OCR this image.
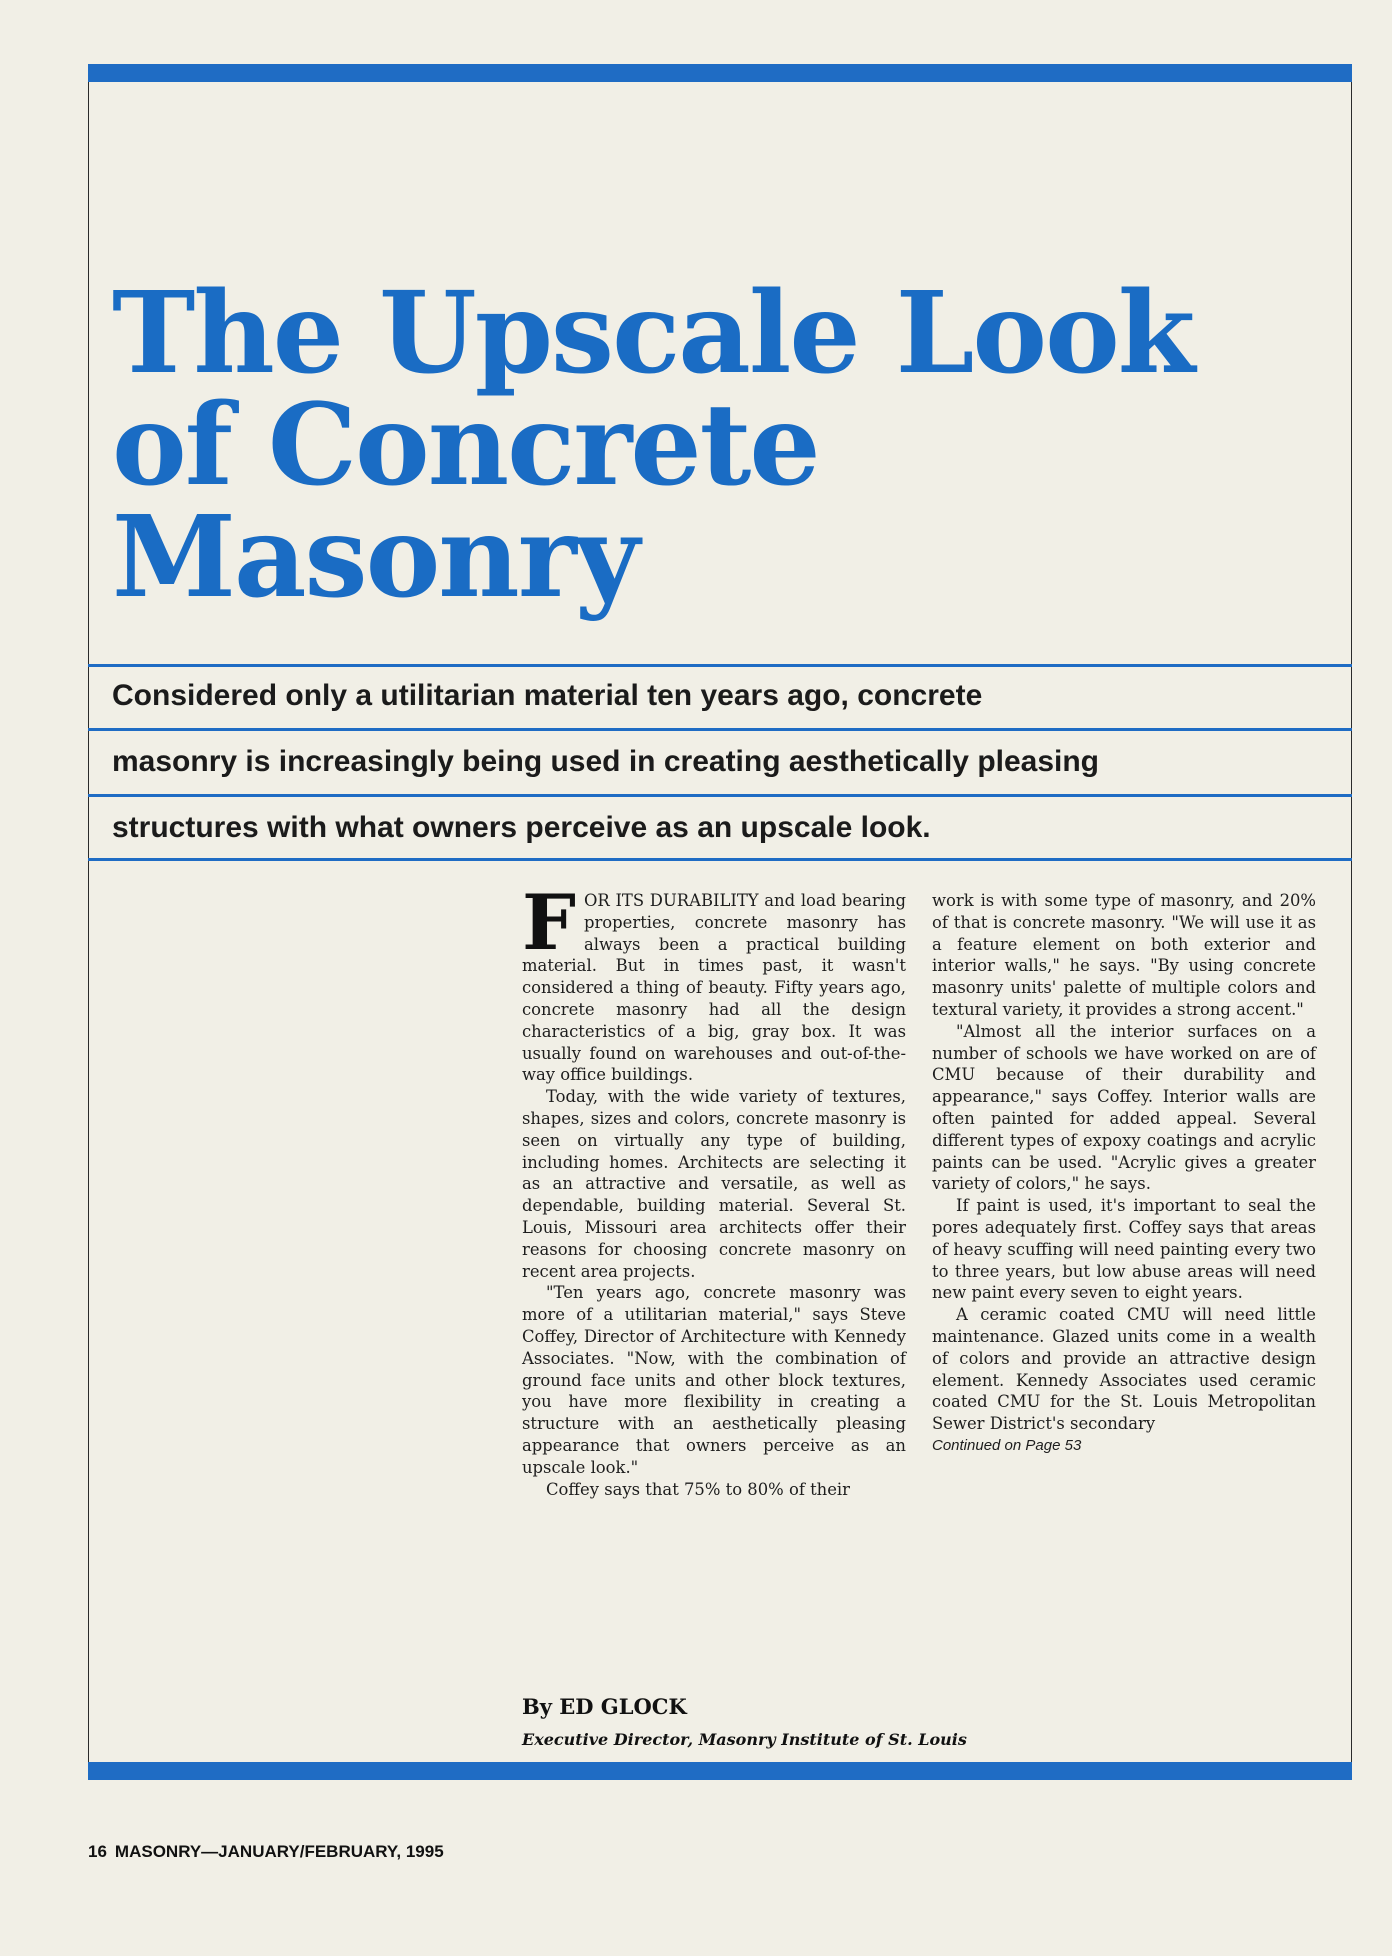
The Upscale Look
of Concrete
Masonry

Considered only a utilitarian material ten years ago, concrete

masonry is increasingly being used in creating aesthetically pleasing

structures with what owners perceive as an upscale look.

FOR ITS DURABILITY and load bearing properties, concrete masonry has always been a practical building material. But in times past, it wasn't considered a thing of beauty. Fifty years ago, concrete masonry had all the design characteristics of a big, gray box. It was usually found on warehouses and out-of-the-way office buildings.

Today, with the wide variety of textures, shapes, sizes and colors, concrete masonry is seen on virtually any type of building, including homes. Architects are selecting it as an attractive and versatile, as well as dependable, building material. Several St. Louis, Missouri area architects offer their reasons for choosing concrete masonry on recent area projects.

"Ten years ago, concrete masonry was more of a utilitarian material," says Steve Coffey, Director of Architecture with Kennedy Associates. "Now, with the combination of ground face units and other block textures, you have more flexibility in creating a structure with an aesthetically pleasing appearance that owners perceive as an upscale look."

Coffey says that 75% to 80% of their

work is with some type of masonry, and 20% of that is concrete masonry. "We will use it as a feature element on both exterior and interior walls," he says. "By using concrete masonry units' palette of multiple colors and textural variety, it provides a strong accent."

"Almost all the interior surfaces on a number of schools we have worked on are of CMU because of their durability and appearance," says Coffey. Interior walls are often painted for added appeal. Several different types of expoxy coatings and acrylic paints can be used. "Acrylic gives a greater variety of colors," he says.

If paint is used, it's important to seal the pores adequately first. Coffey says that areas of heavy scuffing will need painting every two to three years, but low abuse areas will need new paint every seven to eight years.

A ceramic coated CMU will need little maintenance. Glazed units come in a wealth of colors and provide an attractive design element. Kennedy Associates used ceramic coated CMU for the St. Louis Metropolitan Sewer District's secondary

Continued on Page 53

By ED GLOCK

Executive Director, Masonry Institute of St. Louis

16 MASONRY—JANUARY/FEBRUARY, 1995
